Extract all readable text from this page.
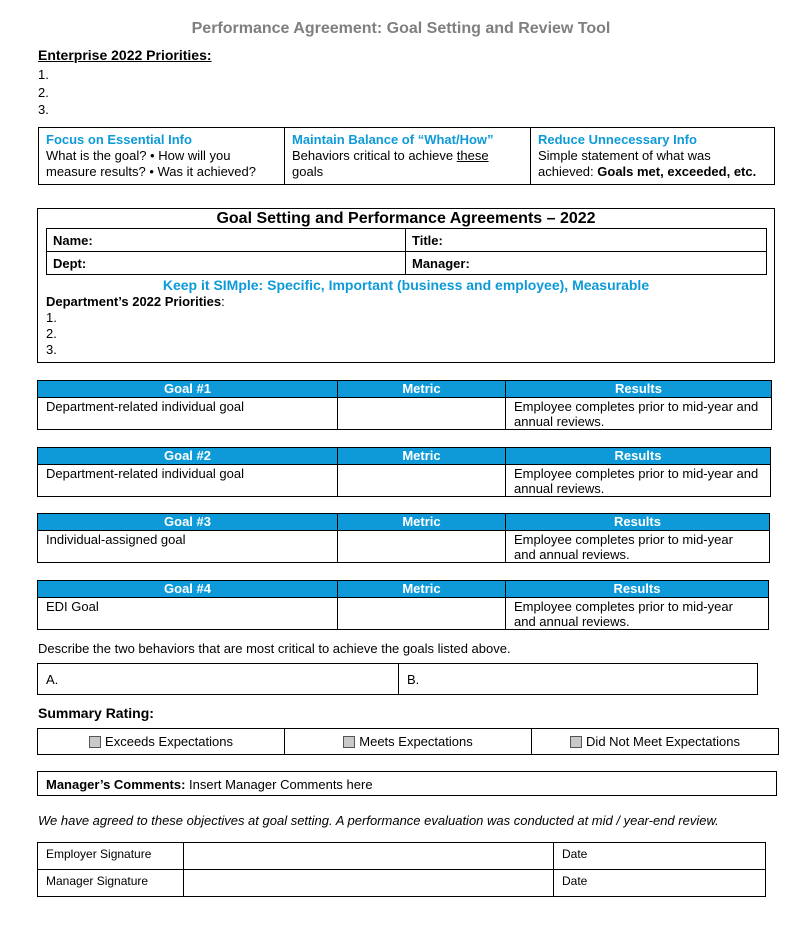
Performance Agreement: Goal Setting and Review Tool
Enterprise 2022 Priorities:
1.
2.
3.
Focus on Essential Info
What is the goal? • How will you
measure results? • Was it achieved?
Maintain Balance of “What/How”
Behaviors critical to achieve these
goals
Reduce Unnecessary Info
Simple statement of what was
achieved: Goals met, exceeded, etc.
Goal Setting and Performance Agreements – 2022
Name:	Title:
Dept:	Manager:
Keep it SIMple: Specific, Important (business and employee), Measurable
Department’s 2022 Priorities:
1.
2.
3.
Goal #1	Metric	Results
Department-related individual goal		Employee completes prior to mid-year and
annual reviews.
Goal #2	Metric	Results
Department-related individual goal		Employee completes prior to mid-year and
annual reviews.
Goal #3	Metric	Results
Individual-assigned goal		Employee completes prior to mid-year
and annual reviews.
Goal #4	Metric	Results
EDI Goal		Employee completes prior to mid-year
and annual reviews.
Describe the two behaviors that are most critical to achieve the goals listed above.
A.	B.
Summary Rating:
Exceeds Expectations	Meets Expectations	Did Not Meet Expectations
Manager’s Comments: Insert Manager Comments here
We have agreed to these objectives at goal setting. A performance evaluation was conducted at mid / year-end review.
Employer Signature		Date
Manager Signature		Date
